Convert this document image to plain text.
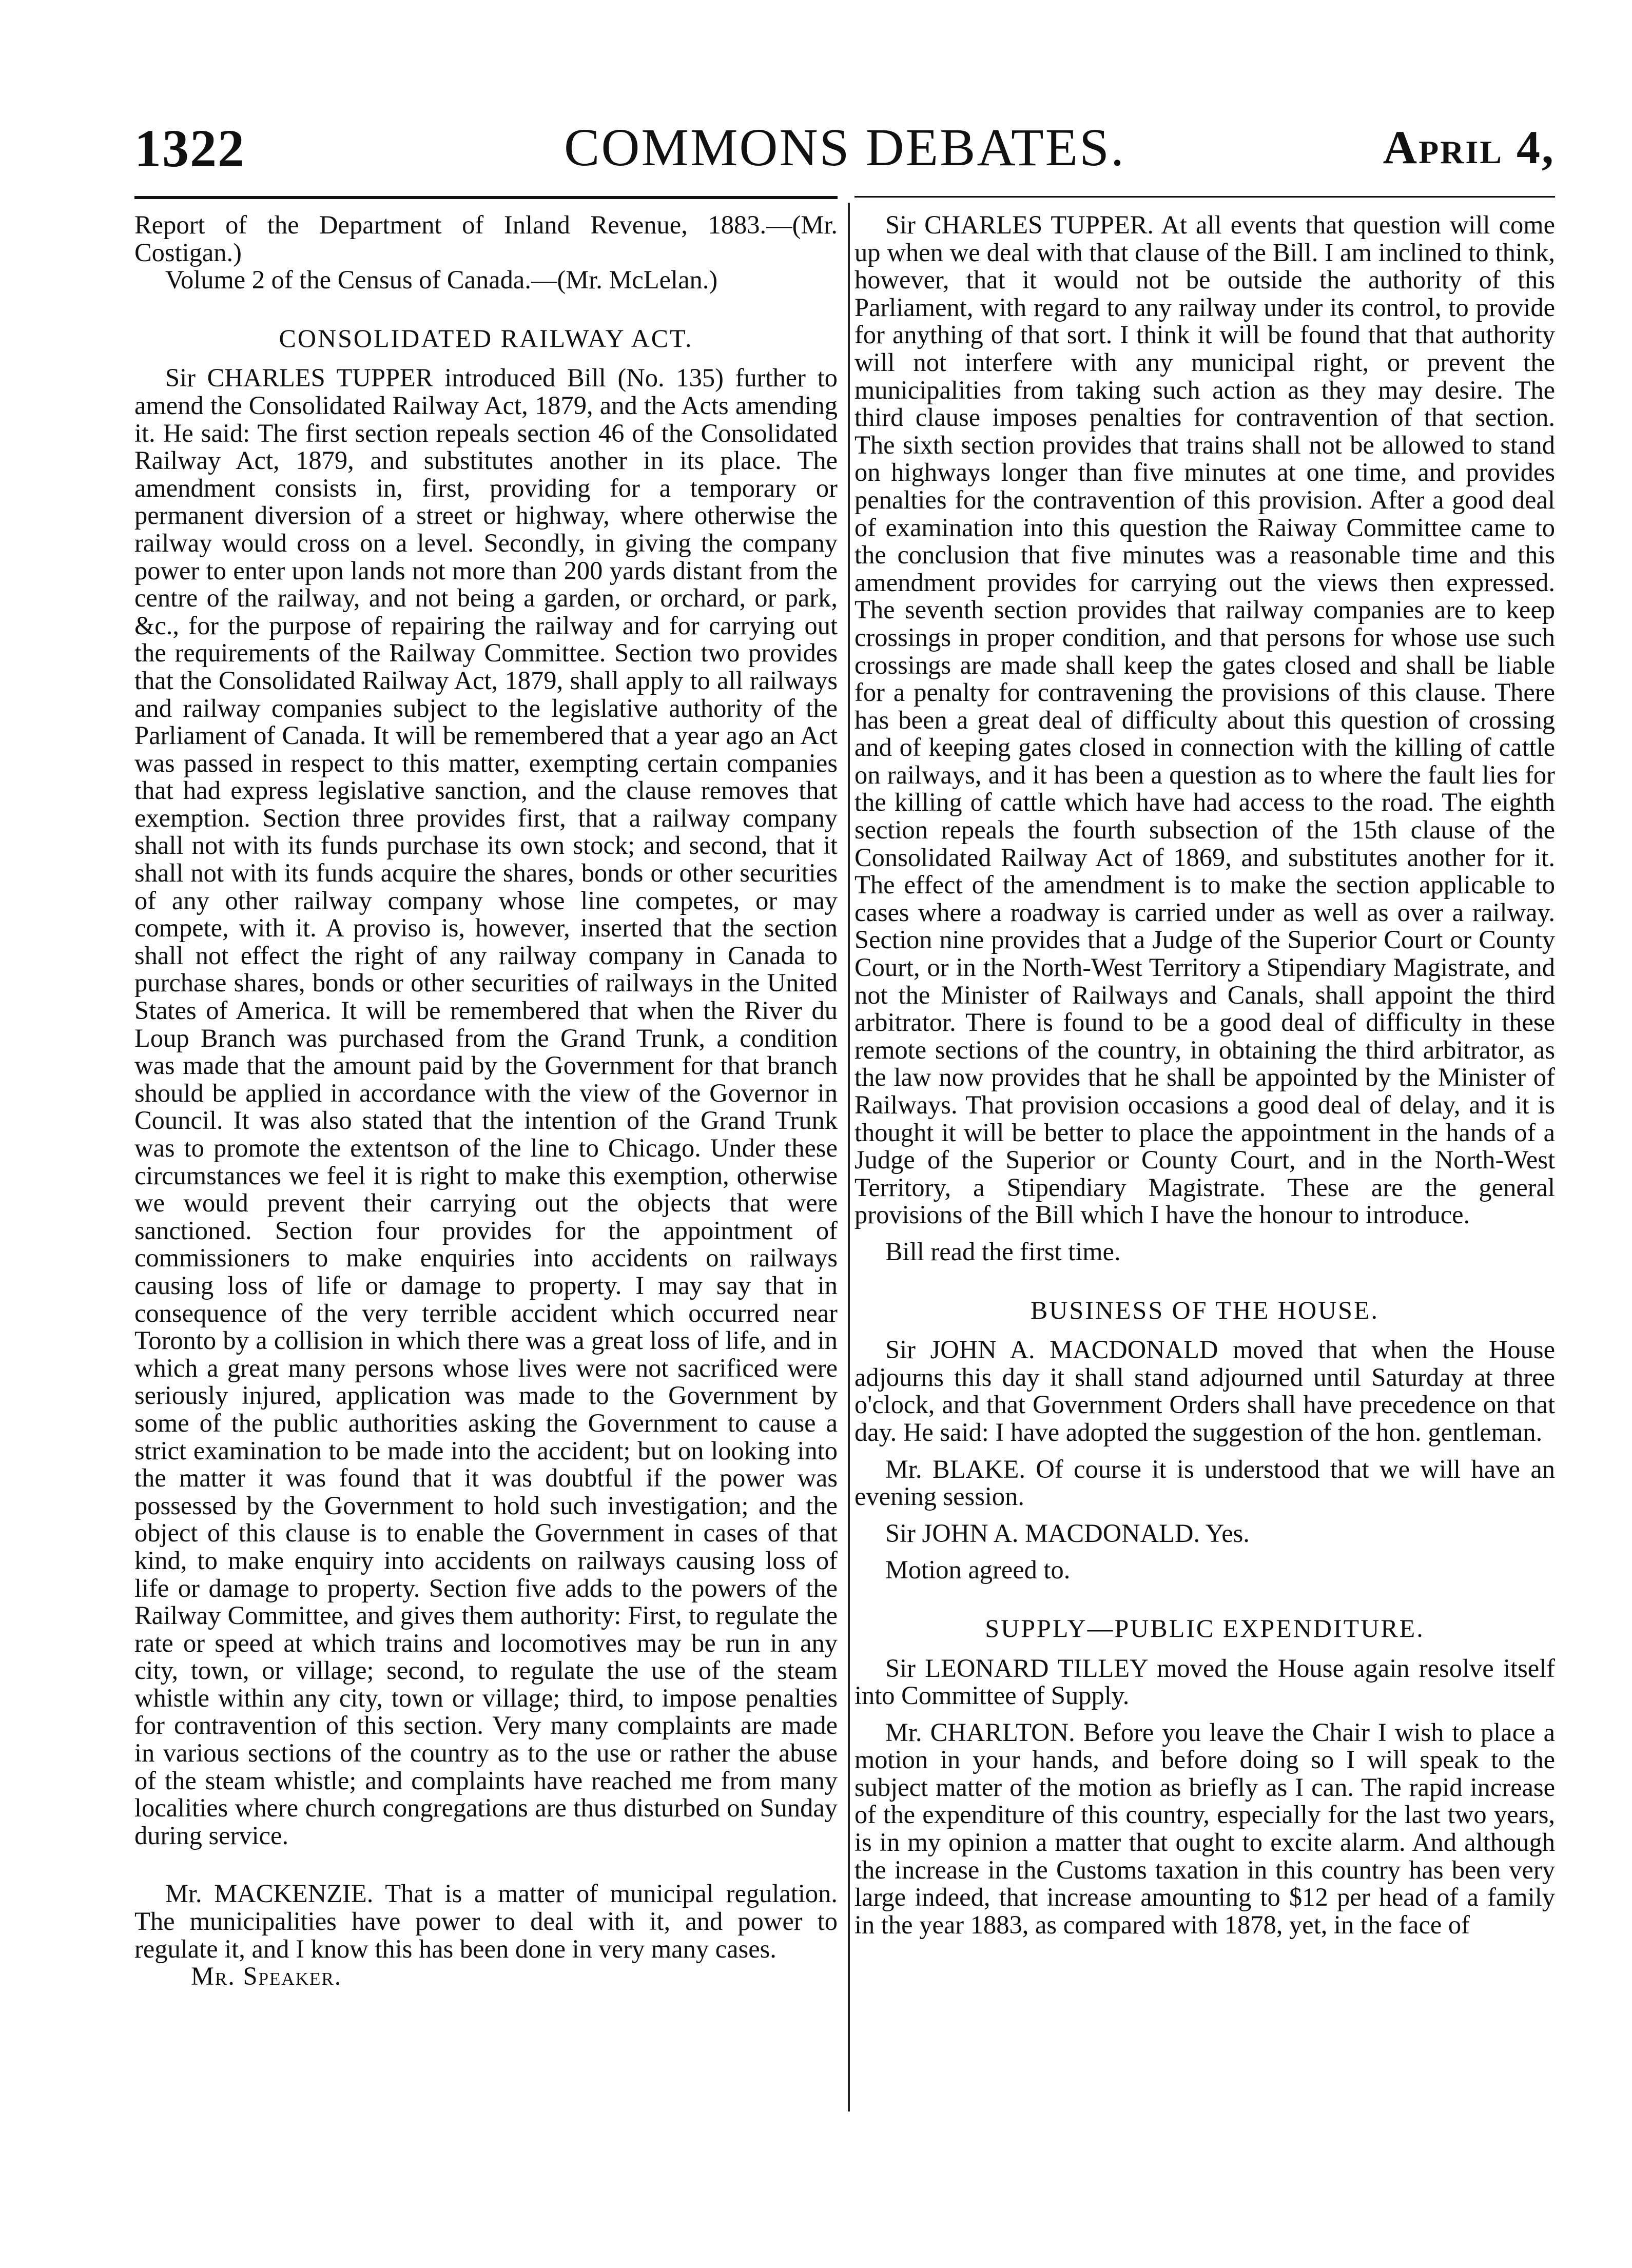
1322	COMMONS DEBATES.	April 4,

Report of the Department of Inland Revenue, 1883.—(Mr. Costigan.)

Volume 2 of the Census of Canada.—(Mr. McLelan.)

CONSOLIDATED RAILWAY ACT.

Sir CHARLES TUPPER introduced Bill (No. 135) further to amend the Consolidated Railway Act, 1879, and the Acts amending it. He said: The first section repeals section 46 of the Consolidated Railway Act, 1879, and substitutes another in its place. The amendment consists in, first, providing for a temporary or permanent diversion of a street or highway, where otherwise the railway would cross on a level. Secondly, in giving the company power to enter upon lands not more than 200 yards distant from the centre of the railway, and not being a garden, or orchard, or park, &c., for the purpose of repairing the railway and for carrying out the requirements of the Railway Committee. Section two provides that the Consolidated Railway Act, 1879, shall apply to all railways and railway companies subject to the legislative authority of the Parliament of Canada. It will be remembered that a year ago an Act was passed in respect to this matter, exempting certain companies that had express legislative sanction, and the clause removes that exemption. Section three provides first, that a railway company shall not with its funds purchase its own stock; and second, that it shall not with its funds acquire the shares, bonds or other securities of any other railway company whose line competes, or may compete, with it. A proviso is, however, inserted that the section shall not effect the right of any railway company in Canada to purchase shares, bonds or other securities of railways in the United States of America. It will be remembered that when the River du Loup Branch was purchased from the Grand Trunk, a condition was made that the amount paid by the Government for that branch should be applied in accordance with the view of the Governor in Council. It was also stated that the intention of the Grand Trunk was to promote the extentson of the line to Chicago. Under these circumstances we feel it is right to make this exemption, otherwise we would prevent their carrying out the objects that were sanctioned. Section four provides for the appointment of commissioners to make enquiries into accidents on railways causing loss of life or damage to property. I may say that in consequence of the very terrible accident which occurred near Toronto by a collision in which there was a great loss of life, and in which a great many persons whose lives were not sacrificed were seriously injured, application was made to the Government by some of the public authorities asking the Government to cause a strict examination to be made into the accident; but on looking into the matter it was found that it was doubtful if the power was possessed by the Government to hold such investigation; and the object of this clause is to enable the Government in cases of that kind, to make enquiry into accidents on railways causing loss of life or damage to property. Section five adds to the powers of the Railway Committee, and gives them authority: First, to regulate the rate or speed at which trains and locomotives may be run in any city, town, or village; second, to regulate the use of the steam whistle within any city, town or village; third, to impose penalties for contravention of this section. Very many complaints are made in various sections of the country as to the use or rather the abuse of the steam whistle; and complaints have reached me from many localities where church congregations are thus disturbed on Sunday during service.

Mr. MACKENZIE. That is a matter of municipal regulation. The municipalities have power to deal with it, and power to regulate it, and I know this has been done in very many cases.

Mr. Speaker.

Sir CHARLES TUPPER. At all events that question will come up when we deal with that clause of the Bill. I am inclined to think, however, that it would not be outside the authority of this Parliament, with regard to any railway under its control, to provide for anything of that sort. I think it will be found that that authority will not interfere with any municipal right, or prevent the municipalities from taking such action as they may desire. The third clause imposes penalties for contravention of that section. The sixth section provides that trains shall not be allowed to stand on highways longer than five minutes at one time, and provides penalties for the contravention of this provision. After a good deal of examination into this question the Raiway Committee came to the conclusion that five minutes was a reasonable time and this amendment provides for carrying out the views then expressed. The seventh section provides that railway companies are to keep crossings in proper condition, and that persons for whose use such crossings are made shall keep the gates closed and shall be liable for a penalty for contravening the provisions of this clause. There has been a great deal of difficulty about this question of crossing and of keeping gates closed in connection with the killing of cattle on railways, and it has been a question as to where the fault lies for the killing of cattle which have had access to the road. The eighth section repeals the fourth subsection of the 15th clause of the Consolidated Railway Act of 1869, and substitutes another for it. The effect of the amendment is to make the section applicable to cases where a roadway is carried under as well as over a railway. Section nine provides that a Judge of the Superior Court or County Court, or in the North-West Territory a Stipendiary Magistrate, and not the Minister of Railways and Canals, shall appoint the third arbitrator. There is found to be a good deal of difficulty in these remote sections of the country, in obtaining the third arbitrator, as the law now provides that he shall be appointed by the Minister of Railways. That provision occasions a good deal of delay, and it is thought it will be better to place the appointment in the hands of a Judge of the Superior or County Court, and in the North-West Territory, a Stipendiary Magistrate. These are the general provisions of the Bill which I have the honour to introduce.

Bill read the first time.

BUSINESS OF THE HOUSE.

Sir JOHN A. MACDONALD moved that when the House adjourns this day it shall stand adjourned until Saturday at three o'clock, and that Government Orders shall have precedence on that day. He said: I have adopted the suggestion of the hon. gentleman.

Mr. BLAKE. Of course it is understood that we will have an evening session.

Sir JOHN A. MACDONALD. Yes.

Motion agreed to.

SUPPLY—PUBLIC EXPENDITURE.

Sir LEONARD TILLEY moved the House again resolve itself into Committee of Supply.

Mr. CHARLTON. Before you leave the Chair I wish to place a motion in your hands, and before doing so I will speak to the subject matter of the motion as briefly as I can. The rapid increase of the expenditure of this country, especially for the last two years, is in my opinion a matter that ought to excite alarm. And although the increase in the Customs taxation in this country has been very large indeed, that increase amounting to $12 per head of a family in the year 1883, as compared with 1878, yet, in the face of
